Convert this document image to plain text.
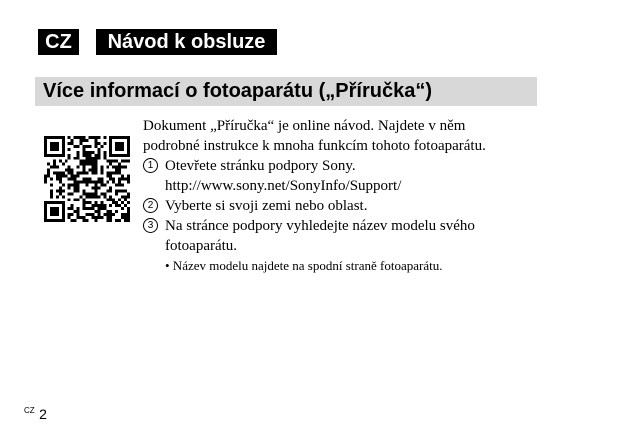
CZ	Návod k obsluze
Více informací o fotoaparátu („Příručka“)
Dokument „Příručka“ je online návod. Najdete v něm
podrobné instrukce k mnoha funkcím tohoto fotoaparátu.
1 Otevřete stránku podpory Sony.
http://www.sony.net/SonyInfo/Support/
2 Vyberte si svoji zemi nebo oblast.
3 Na stránce podpory vyhledejte název modelu svého
fotoaparátu.
• Název modelu najdete na spodní straně fotoaparátu.
$^{CZ}$ 2
